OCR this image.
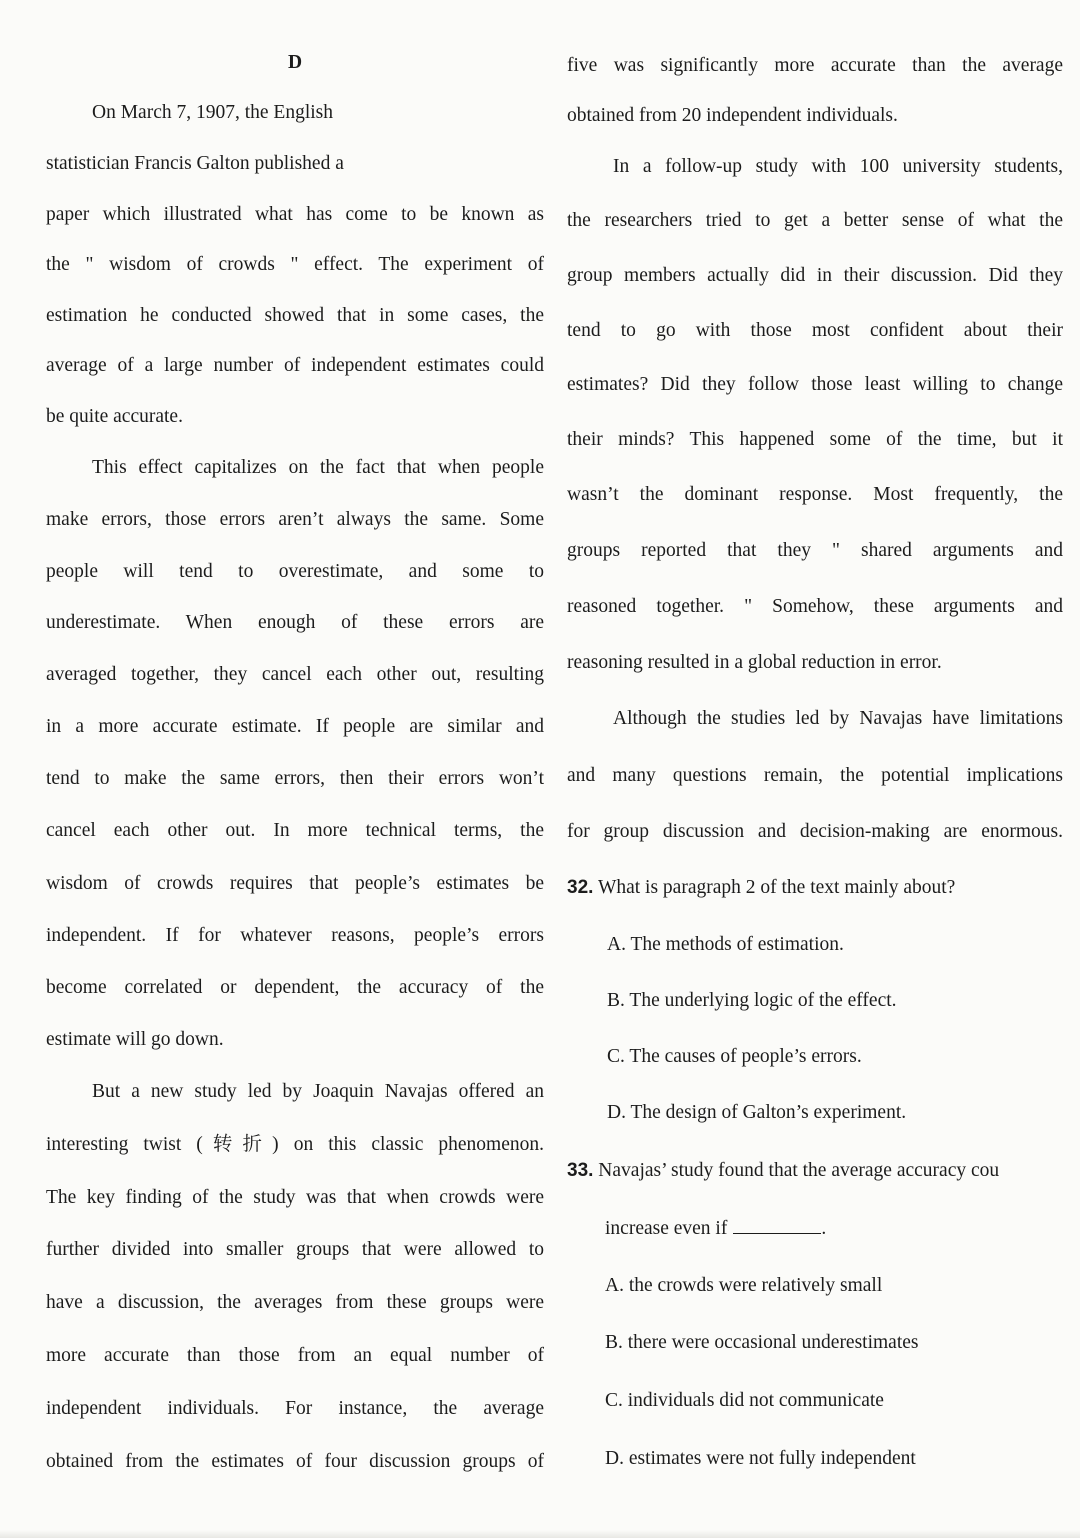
D
On March 7, 1907, the English
statistician Francis Galton published a
paper which illustrated what has come to be known as
the " wisdom of crowds " effect. The experiment of
estimation he conducted showed that in some cases, the
average of a large number of independent estimates could
be quite accurate.
This effect capitalizes on the fact that when people
make errors, those errors aren’t always the same. Some
people will tend to overestimate, and some to
underestimate. When enough of these errors are
averaged together, they cancel each other out, resulting
in a more accurate estimate. If people are similar and
tend to make the same errors, then their errors won’t
cancel each other out. In more technical terms, the
wisdom of crowds requires that people’s estimates be
independent. If for whatever reasons, people’s errors
become correlated or dependent, the accuracy of the
estimate will go down.
But a new study led by Joaquin Navajas offered an
interesting twist (转折) on this classic phenomenon.
The key finding of the study was that when crowds were
further divided into smaller groups that were allowed to
have a discussion, the averages from these groups were
more accurate than those from an equal number of
independent individuals. For instance, the average
obtained from the estimates of four discussion groups of
five was significantly more accurate than the average
obtained from 20 independent individuals.
In a follow-up study with 100 university students,
the researchers tried to get a better sense of what the
group members actually did in their discussion. Did they
tend to go with those most confident about their
estimates? Did they follow those least willing to change
their minds? This happened some of the time, but it
wasn’t the dominant response. Most frequently, the
groups reported that they " shared arguments and
reasoned together. " Somehow, these arguments and
reasoning resulted in a global reduction in error.
Although the studies led by Navajas have limitations
and many questions remain, the potential implications
for group discussion and decision-making are enormous.
32. What is paragraph 2 of the text mainly about?
A. The methods of estimation.
B. The underlying logic of the effect.
C. The causes of people’s errors.
D. The design of Galton’s experiment.
33. Navajas’ study found that the average accuracy cou
increase even if	.
A. the crowds were relatively small
B. there were occasional underestimates
C. individuals did not communicate
D. estimates were not fully independent
